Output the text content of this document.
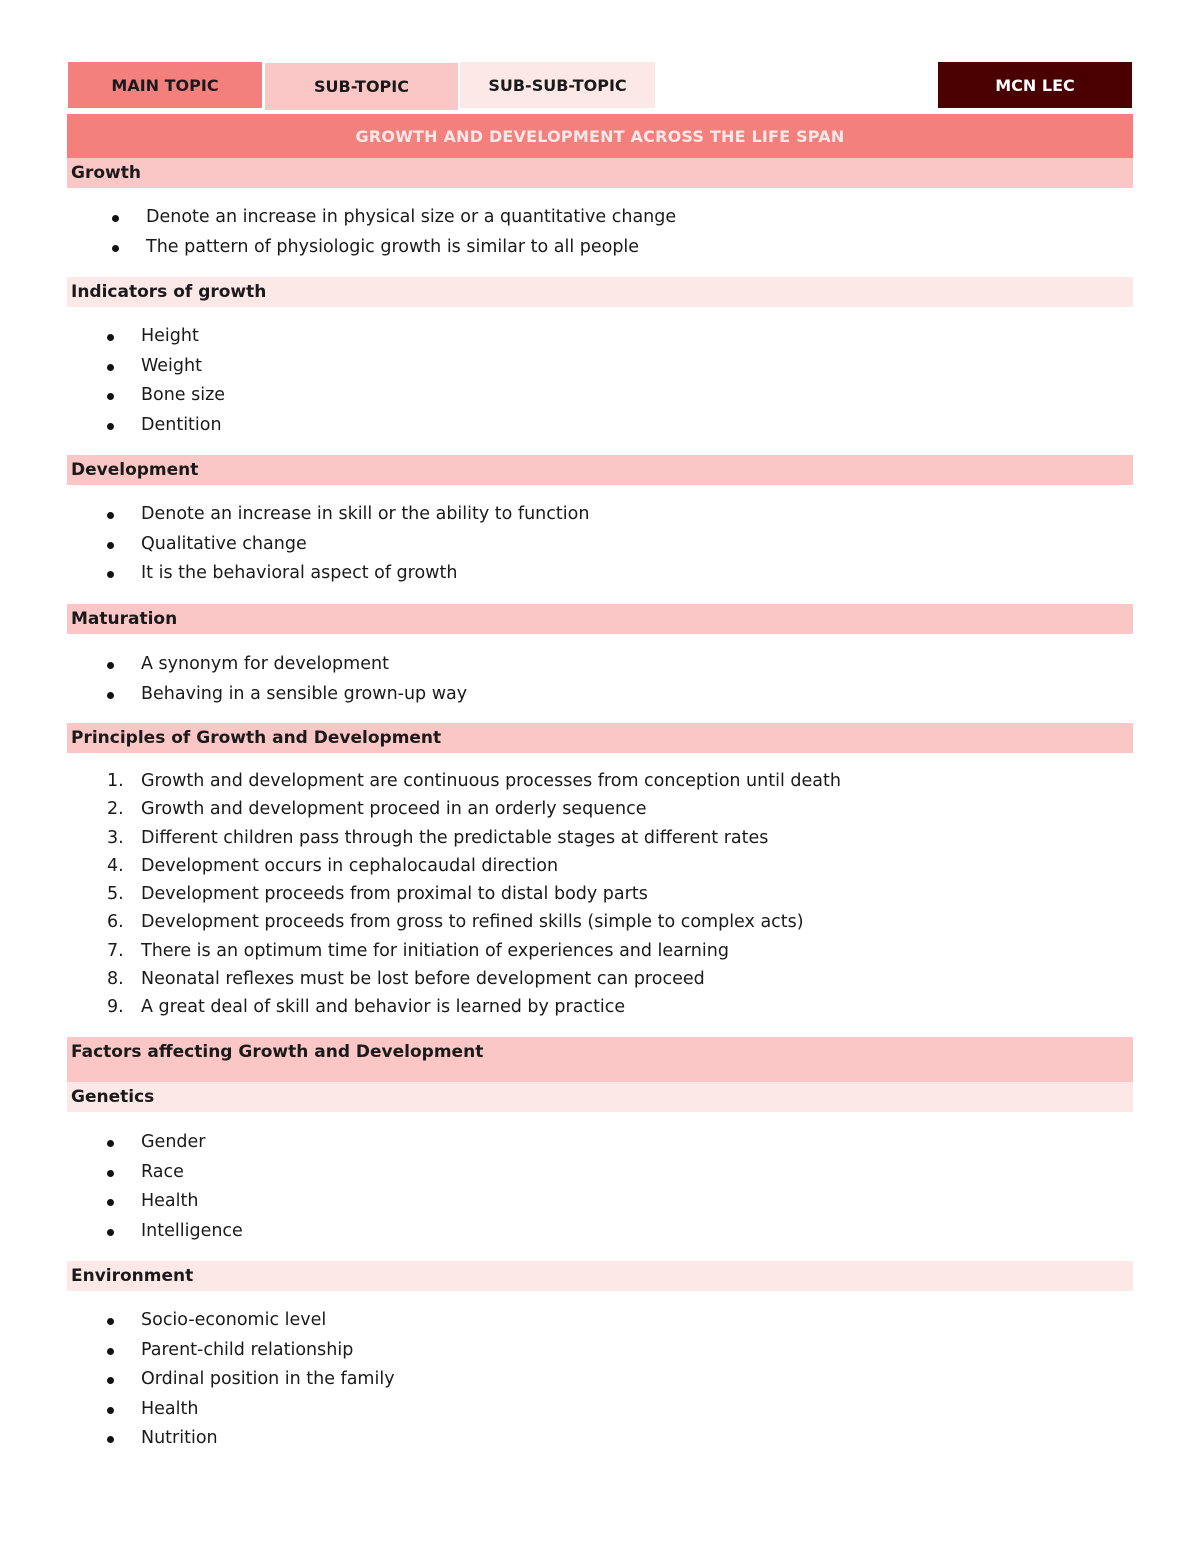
MAIN TOPIC	SUB-TOPIC	SUB-SUB-TOPIC	MCN LEC
GROWTH AND DEVELOPMENT ACROSS THE LIFE SPAN
Growth
Denote an increase in physical size or a quantitative change
The pattern of physiologic growth is similar to all people
Indicators of growth
Height
Weight
Bone size
Dentition
Development
Denote an increase in skill or the ability to function
Qualitative change
It is the behavioral aspect of growth
Maturation
A synonym for development
Behaving in a sensible grown-up way
Principles of Growth and Development
1. Growth and development are continuous processes from conception until death
2. Growth and development proceed in an orderly sequence
3. Different children pass through the predictable stages at different rates
4. Development occurs in cephalocaudal direction
5. Development proceeds from proximal to distal body parts
6. Development proceeds from gross to refined skills (simple to complex acts)
7. There is an optimum time for initiation of experiences and learning
8. Neonatal reflexes must be lost before development can proceed
9. A great deal of skill and behavior is learned by practice
Factors affecting Growth and Development
Genetics
Gender
Race
Health
Intelligence
Environment
Socio-economic level
Parent-child relationship
Ordinal position in the family
Health
Nutrition
